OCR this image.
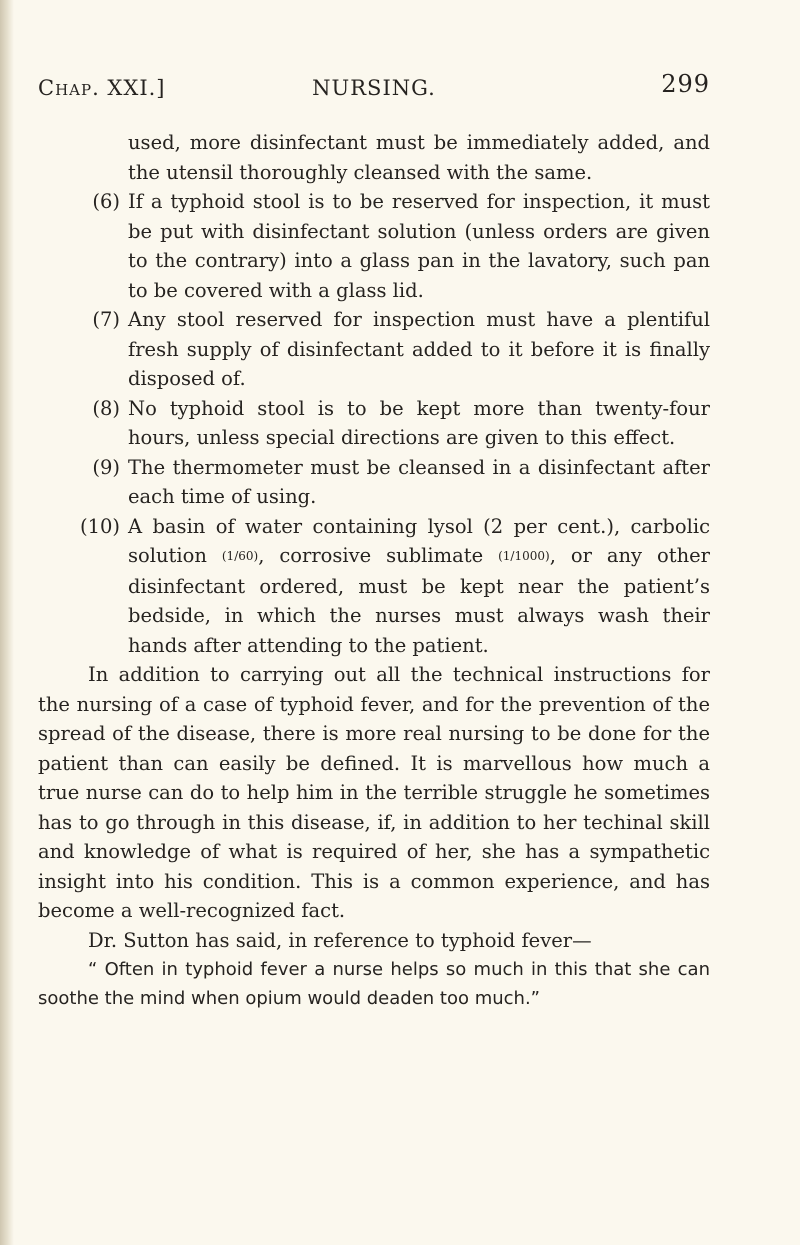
Chap. XXI.]	NURSING.	299
used, more disinfectant must be immediately added, and the utensil thoroughly cleansed with the same.
(6) If a typhoid stool is to be reserved for inspection, it must be put with disinfectant solution (unless orders are given to the contrary) into a glass pan in the lavatory, such pan to be covered with a glass lid.
(7) Any stool reserved for inspection must have a plentiful fresh supply of disinfectant added to it before it is finally disposed of.
(8) No typhoid stool is to be kept more than twenty-four hours, unless special directions are given to this effect.
(9) The thermometer must be cleansed in a disinfectant after each time of using.
(10) A basin of water containing lysol (2 per cent.), carbolic solution (1/60), corrosive sublimate (1/1000), or any other disinfectant ordered, must be kept near the patient’s bedside, in which the nurses must always wash their hands after attending to the patient.
In addition to carrying out all the technical instructions for the nursing of a case of typhoid fever, and for the prevention of the spread of the disease, there is more real nursing to be done for the patient than can easily be defined. It is marvellous how much a true nurse can do to help him in the terrible struggle he sometimes has to go through in this disease, if, in addition to her techinal skill and knowledge of what is required of her, she has a sympathetic insight into his condition. This is a common experience, and has become a well-recognized fact.
Dr. Sutton has said, in reference to typhoid fever—
“ Often in typhoid fever a nurse helps so much in this that she can soothe the mind when opium would deaden too much.”
